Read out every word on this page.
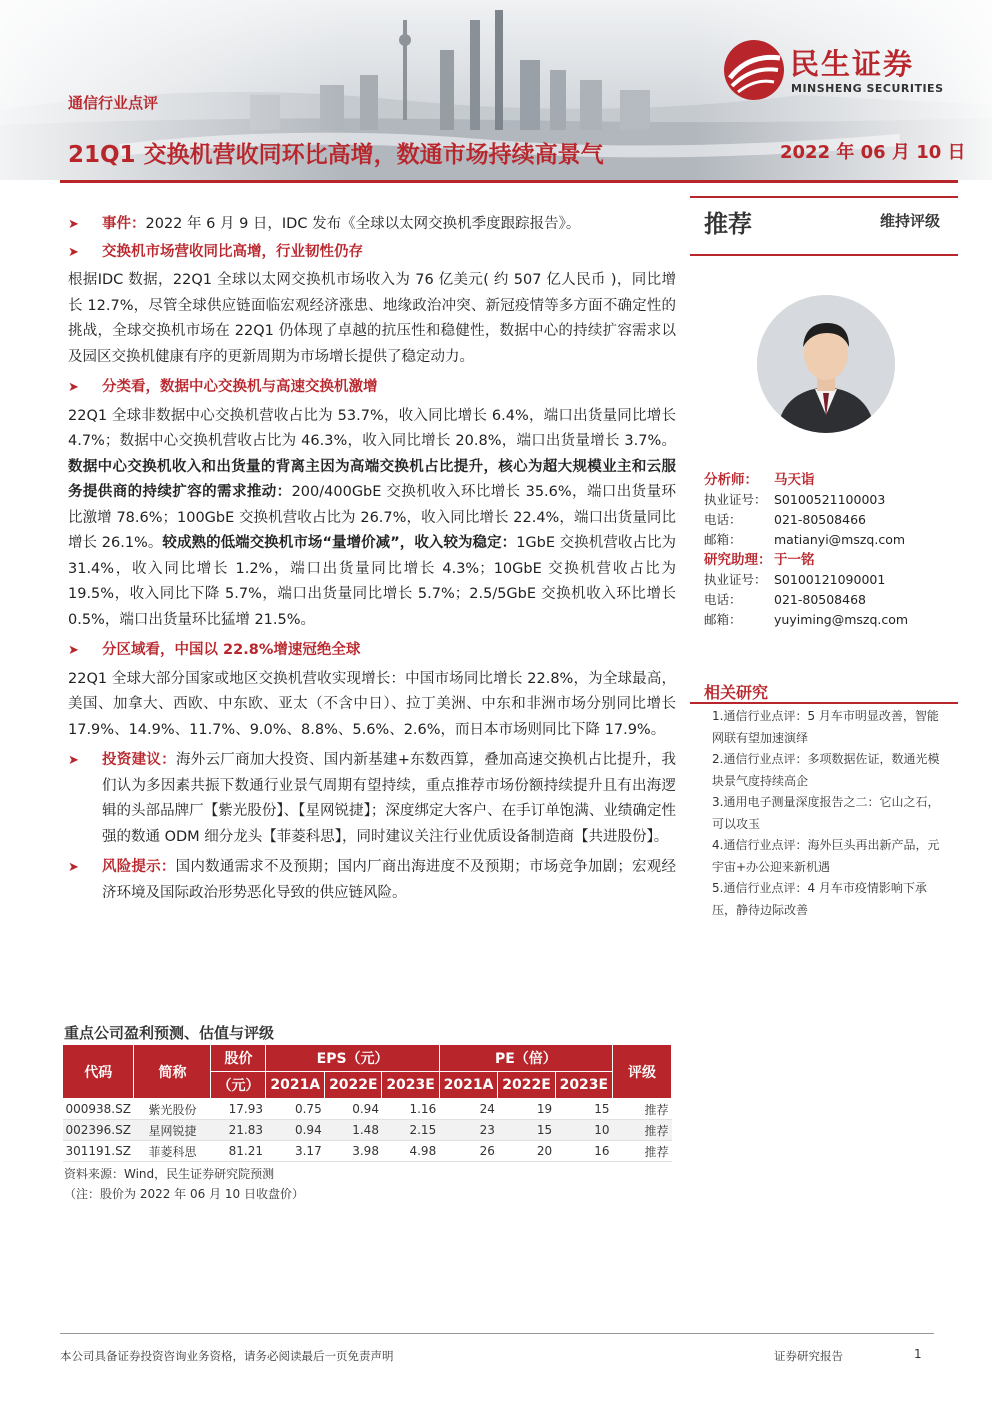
通信行业点评
21Q1 交换机营收同环比高增，数通市场持续高景气	2022 年 06 月 10 日
民生证券
MINSHENG SECURITIES
➤ 事件：2022 年 6 月 9 日，IDC 发布《全球以太网交换机季度跟踪报告》。
➤ 交换机市场营收同比高增，行业韧性仍存
根据IDC 数据，22Q1 全球以太网交换机市场收入为 76 亿美元( 约 507 亿人民币 )，同比增长 12.7%，尽管全球供应链面临宏观经济涨患、地缘政治冲突、新冠疫情等多方面不确定性的挑战，全球交换机市场在 22Q1 仍体现了卓越的抗压性和稳健性，数据中心的持续扩容需求以及园区交换机健康有序的更新周期为市场增长提供了稳定动力。
➤ 分类看，数据中心交换机与高速交换机激增
22Q1 全球非数据中心交换机营收占比为 53.7%，收入同比增长 6.4%，端口出货量同比增长 4.7%；数据中心交换机营收占比为 46.3%，收入同比增长 20.8%，端口出货量增长 3.7%。数据中心交换机收入和出货量的背离主因为高端交换机占比提升，核心为超大规模业主和云服务提供商的持续扩容的需求推动：200/400GbE 交换机收入环比增长 35.6%，端口出货量环比激增 78.6%；100GbE 交换机营收占比为 26.7%，收入同比增长 22.4%，端口出货量同比增长 26.1%。较成熟的低端交换机市场“量增价减”，收入较为稳定：1GbE 交换机营收占比为 31.4%，收入同比增长 1.2%，端口出货量同比增长 4.3%；10GbE 交换机营收占比为 19.5%，收入同比下降 5.7%，端口出货量同比增长 5.7%；2.5/5GbE 交换机收入环比增长 0.5%，端口出货量环比猛增 21.5%。
➤ 分区域看，中国以 22.8%增速冠绝全球
22Q1 全球大部分国家或地区交换机营收实现增长：中国市场同比增长 22.8%，为全球最高，美国、加拿大、西欧、中东欧、亚太（不含中日）、拉丁美洲、中东和非洲市场分别同比增长 17.9%、14.9%、11.7%、9.0%、8.8%、5.6%、2.6%，而日本市场则同比下降 17.9%。
➤ 投资建议：海外云厂商加大投资、国内新基建+东数西算，叠加高速交换机占比提升，我们认为多因素共振下数通行业景气周期有望持续，重点推荐市场份额持续提升且有出海逻辑的头部品牌厂【紫光股份】、【星网锐捷】；深度绑定大客户、在手订单饱满、业绩确定性强的数通 ODM 细分龙头【菲菱科思】，同时建议关注行业优质设备制造商【共进股份】。
➤ 风险提示：国内数通需求不及预期；国内厂商出海进度不及预期；市场竞争加剧；宏观经济环境及国际政治形势恶化导致的供应链风险。
推荐	维持评级
分析师：	马天诣
执业证号： S0100521100003
电话：	021-80508466
邮箱：	matianyi@mszq.com
研究助理： 于一铭
执业证号： S0100121090001
电话：	021-80508468
邮箱：	yuyiming@mszq.com
相关研究
1.通信行业点评：5 月车市明显改善，智能网联有望加速演绎
2.通信行业点评：多项数据佐证，数通光模块景气度持续高企
3.通用电子测量深度报告之二：它山之石，可以攻玉
4.通信行业点评：海外巨头再出新产品，元宇宙+办公迎来新机遇
5.通信行业点评：4 月车市疫情影响下承压，静待边际改善
重点公司盈利预测、估值与评级
代码	简称	股价	EPS（元）			PE（倍）			评级
		（元）	2021A	2022E	2023E	2021A	2022E	2023E	
000938.SZ	紫光股份	17.93	0.75	0.94	1.16	24	19	15	推荐
002396.SZ	星网锐捷	21.83	0.94	1.48	2.15	23	15	10	推荐
301191.SZ	菲菱科思	81.21	3.17	3.98	4.98	26	20	16	推荐
资料来源：Wind，民生证券研究院预测
（注：股价为 2022 年 06 月 10 日收盘价）
本公司具备证券投资咨询业务资格，请务必阅读最后一页免责声明	证券研究报告	1
